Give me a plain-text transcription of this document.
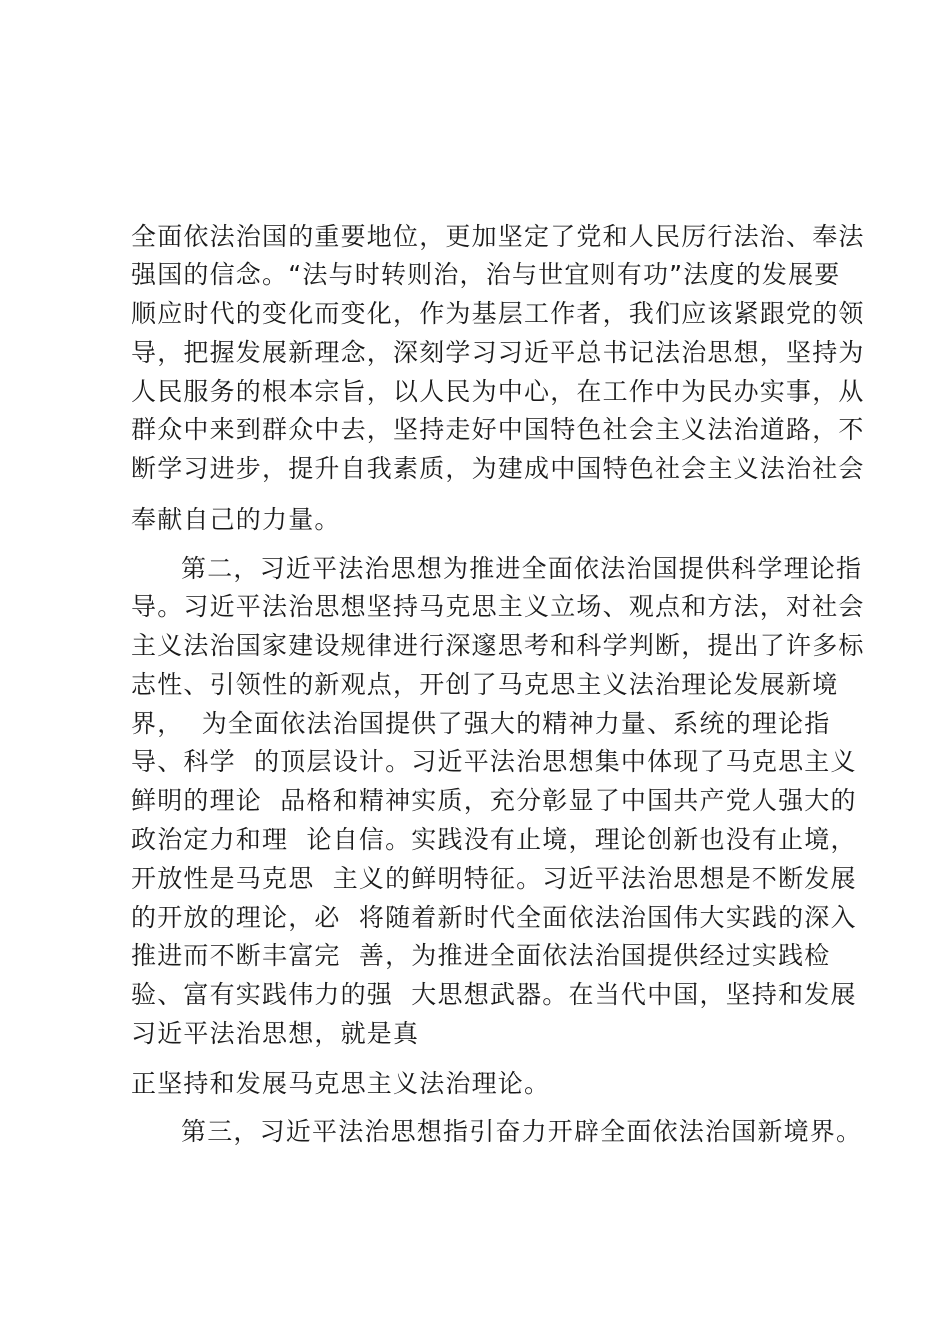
全面依法治国的重要地位，更加坚定了党和人民厉行法治、奉法
强国的信念。“法与时转则治，治与世宜则有功”法度的发展要
顺应时代的变化而变化，作为基层工作者，我们应该紧跟党的领
导，把握发展新理念，深刻学习习近平总书记法治思想，坚持为
人民服务的根本宗旨，以人民为中心，在工作中为民办实事，从
群众中来到群众中去，坚持走好中国特色社会主义法治道路，不
断学习进步，提升自我素质，为建成中国特色社会主义法治社会
奉献自己的力量。
第二，习近平法治思想为推进全面依法治国提供科学理论指
导。习近平法治思想坚持马克思主义立场、观点和方法，对社会
主义法治国家建设规律进行深邃思考和科学判断，提出了许多标
志性、引领性的新观点，开创了马克思主义法治理论发展新境
界，  为全面依法治国提供了强大的精神力量、系统的理论指
导、科学  的顶层设计。习近平法治思想集中体现了马克思主义
鲜明的理论  品格和精神实质，充分彰显了中国共产党人强大的
政治定力和理  论自信。实践没有止境，理论创新也没有止境，
开放性是马克思  主义的鲜明特征。习近平法治思想是不断发展
的开放的理论，必  将随着新时代全面依法治国伟大实践的深入
推进而不断丰富完  善，为推进全面依法治国提供经过实践检
验、富有实践伟力的强  大思想武器。在当代中国，坚持和发展
习近平法治思想，就是真
正坚持和发展马克思主义法治理论。
第三，习近平法治思想指引奋力开辟全面依法治国新境界。
